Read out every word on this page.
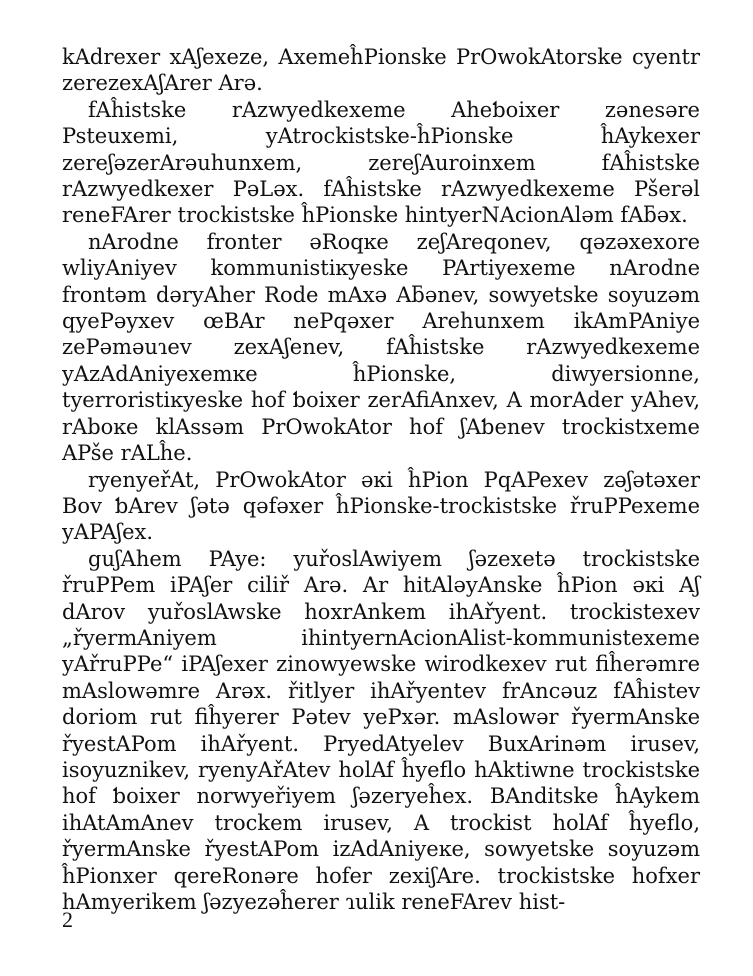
kAdrexer xAʃexeze, AxemeĥPionske PrOwokAtorske cyentr zerezexAʃArer Arə.

fAĥistske rAzwyedkexeme Aheƅoixer zənesəre Psteuxemi, yAtrockistske-ĥPionske ĥAykexer zereʃəzerArəuhunxem, zereʃAuroinxem fAĥistske rAzwyedkexer PəLəx. fAĥistske rAzwyedkexeme Pšerəl reneFArer trockistske ĥPionske hintyerNAcionAləm fAƃəx.

nArodne fronter əRoqĸe zeʃAreqonev, qəzəxexore wliyAniyev kommunistiĸyeske PArtiyexeme nArodne frontəm dəryAher Rode mAxə Aƃənev, sowyetske soyuzəm qyePəyxev œBAr nePqəxer Arehunxem ikAmPAniye zePəməuɿev zexAʃenev, fAĥistske rAzwyedkexeme yAzAdAniyexemĸe ĥPionske, diwyersionne, tyerroristiĸyeske hof ƅoixer zerAfiAnxev, A morAder yAhev, rAboĸe klAssəm PrOwokAtor hof ʃAƅenev trockistxeme APše rALĥe.

ryenyeřAt, PrOwokAtor əĸi ĥPion PqAPexev zəʃətəxer Bov ƅArev ʃətə qəfəxer ĥPionske-trockistske řruPPexeme yAPAʃex.

guʃAhem PAye: yuřoslAwiyem ʃəzexetə trockistske řruPPem iPAʃer ciliř Arə. Ar hitAləyAnske ĥPion əĸi Aʃ dArov yuřoslAwske hoxrAnkem ihAřyent. trockistexev „řyermAniyem ihintyernAcionAlist-kommunistexeme yAřruPPe“ iPAʃexer zinowyewske wirodkexev rut fiĥerəmre mAslowəmre Arəx. řitlyer ihAřyentev frAncəuz fAĥistev doriom rut fiĥyerer Pətev yePxər. mAslowər řyermAnske řyestAPom ihAřyent. PryedAtyelev BuxArinəm irusev, isoyuznikev, ryenyAřAtev holAf ĥyeflo hAktiwne trockistske hof ƅoixer norwyeřiyem ʃəzeryeĥex. BAnditske ĥAykem ihAtAmAnev trockem irusev, A trockist holAf ĥyeflo, řyermAnske řyestAPom izAdAniyeĸe, sowyetske soyuzəm ĥPionxer qereRonəre hofer zexiʃAre. trockistske hofxer hAmyerikem ʃəzyezəĥerer ɿulik reneFArev hist-

2
